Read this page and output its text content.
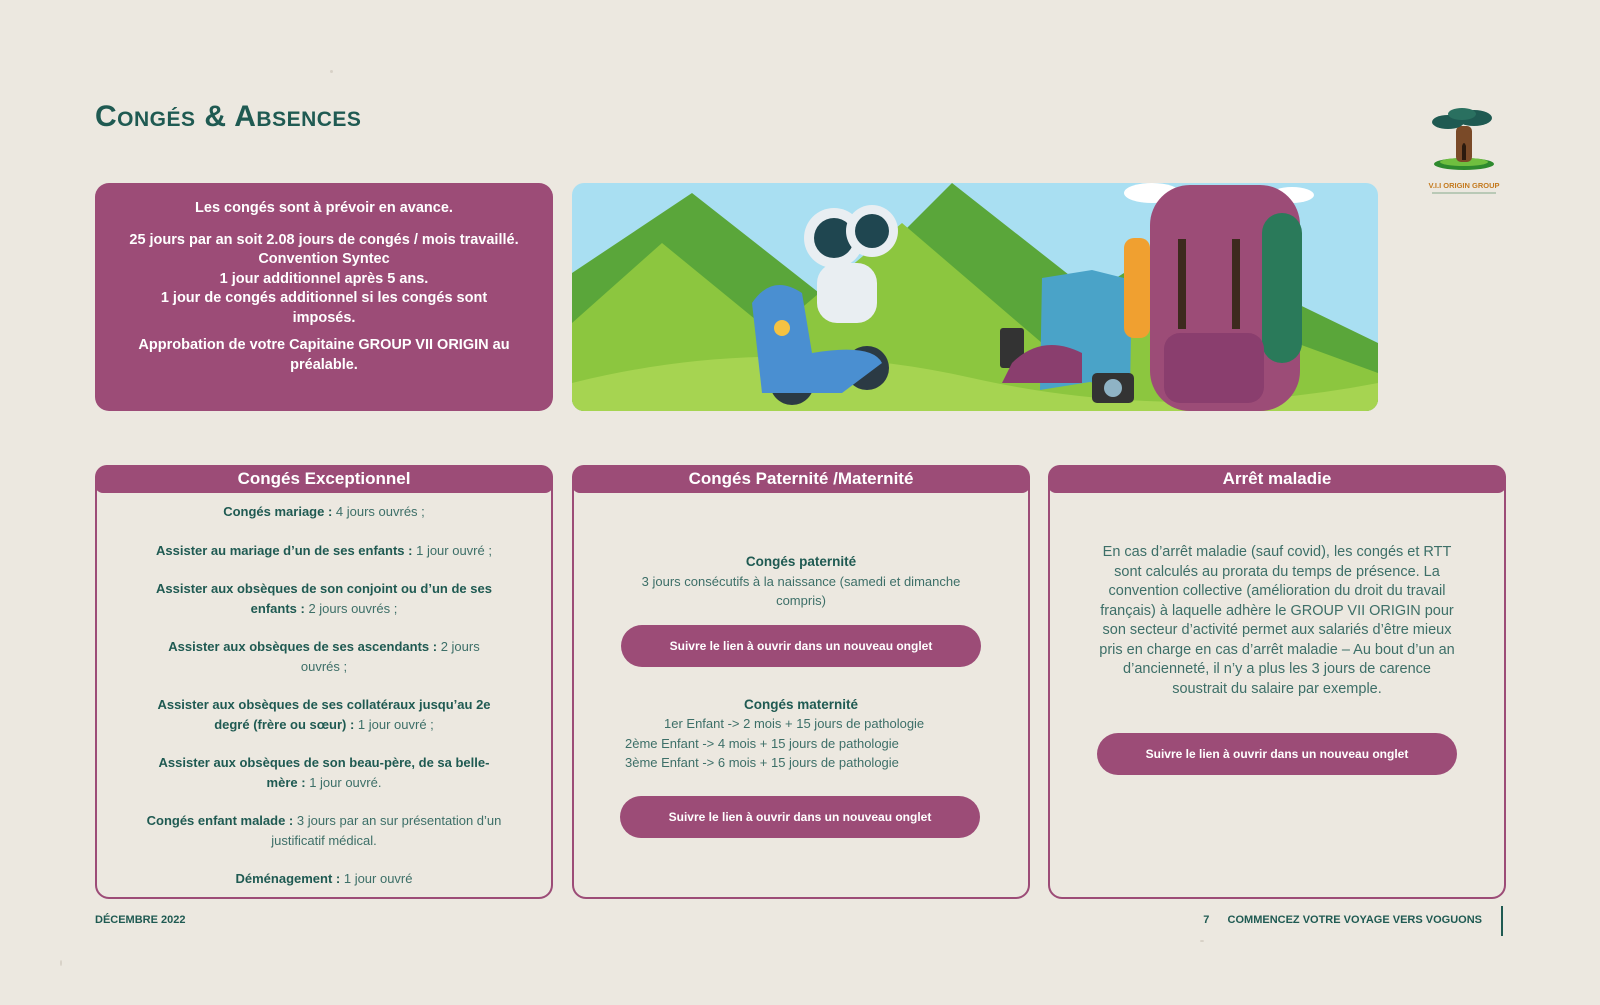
Congés & Absences
V.I.I ORIGIN GROUP

Les congés sont à prévoir en avance.

25 jours par an soit 2.08 jours de congés / mois travaillé.
Convention Syntec
1 jour additionnel après 5 ans.
1 jour de congés additionnel si les congés sont imposés.

Approbation de votre Capitaine GROUP VII ORIGIN au préalable.

Congés Exceptionnel
Congés mariage : 4 jours ouvrés ;
Assister au mariage d’un de ses enfants : 1 jour ouvré ;
Assister aux obsèques de son conjoint ou d’un de ses enfants : 2 jours ouvrés ;
Assister aux obsèques de ses ascendants : 2 jours ouvrés ;
Assister aux obsèques de ses collatéraux jusqu’au 2e degré (frère ou sœur) : 1 jour ouvré ;
Assister aux obsèques de son beau-père, de sa belle-mère : 1 jour ouvré.
Congés enfant malade : 3 jours par an sur présentation d’un justificatif médical.
Déménagement : 1 jour ouvré
Congés Paternité /Maternité
Congés paternité
3 jours consécutifs à la naissance (samedi et dimanche compris)
Suivre le lien à ouvrir dans un nouveau onglet
Congés maternité
1er Enfant -> 2 mois + 15 jours de pathologie
2ème Enfant -> 4 mois + 15 jours de pathologie
3ème Enfant -> 6 mois + 15 jours de pathologie
Suivre le lien à ouvrir dans un nouveau onglet
Arrêt maladie
En cas d’arrêt maladie (sauf covid), les congés et RTT sont calculés au prorata du temps de présence. La convention collective (amélioration du droit du travail français) à laquelle adhère le GROUP VII ORIGIN pour son secteur d’activité permet aux salariés d’être mieux pris en charge en cas d’arrêt maladie – Au bout d’un an d’ancienneté, il n’y a plus les 3 jours de carence soustrait du salaire par exemple.
Suivre le lien à ouvrir dans un nouveau onglet
DÉCEMBRE 2022	7 COMMENCEZ VOTRE VOYAGE VERS VOGUONS
